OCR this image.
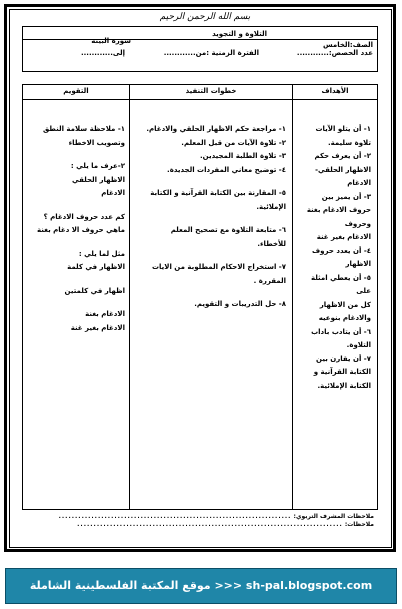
بسم الله الرحمن الرحيم
التلاوة و التجويد
الصف:الخامس
سورة البينة
عدد الحصص:............
الفترة الزمنية :من............
إلى............
الأهداف

١- أن يتلو الآيات

تلاوة سليمة.

٢- أن يعرف حكم

الاظهار الحلقي-

الادغام

٣- أن يميز بين

حروف الادغام بغنة

وحروف

الادغام بغير غنة

٤- أن يعدد حروف

الاظهار

٥- أن يعطي امثلة على

كل من الاظهار

والادغام بنوعيه

٦- أن يتادب باداب

التلاوة.

٧- أن يقارن بين

الكتابة القرآنية و

الكتابة الإملائية.

خطوات التنفيذ

١- مراجعة حكم الاظهار الحلقي والادغام.

٢- تلاوة الآيات من قبل المعلم.

٣- تلاوة الطلبة المجيدين.

٤- توضيح معاني المفردات الجديدة.

٥- المقارنة بين الكتابة القرآنية و الكتابة

الإملائية.

٦- متابعة التلاوة مع تصحيح المعلم

للأخطاء.

٧- استخراج الاحكام المطلوبة من الايات

المقررة .

٨- حل التدريبات و التقويم.

التقويم

١- ملاحظة سلامة النطق

وتصويب الاخطاء

٢-عرف ما يلي :

الاظهار الحلقي

الادغام

كم عدد حروف الادغام ؟

ماهي حروف الا دغام بغنة

مثل لما يلي :

الاظهار في كلمة

اظهار في كلمتين

الادغام بغنة

الادغام بغير غنة

ملاحظات المشرف التربوي: .......................................................................
ملاحظات: .................................................................................
موقع المكتبة الفلسطينية الشاملة >>> sh-pal.blogspot.com
